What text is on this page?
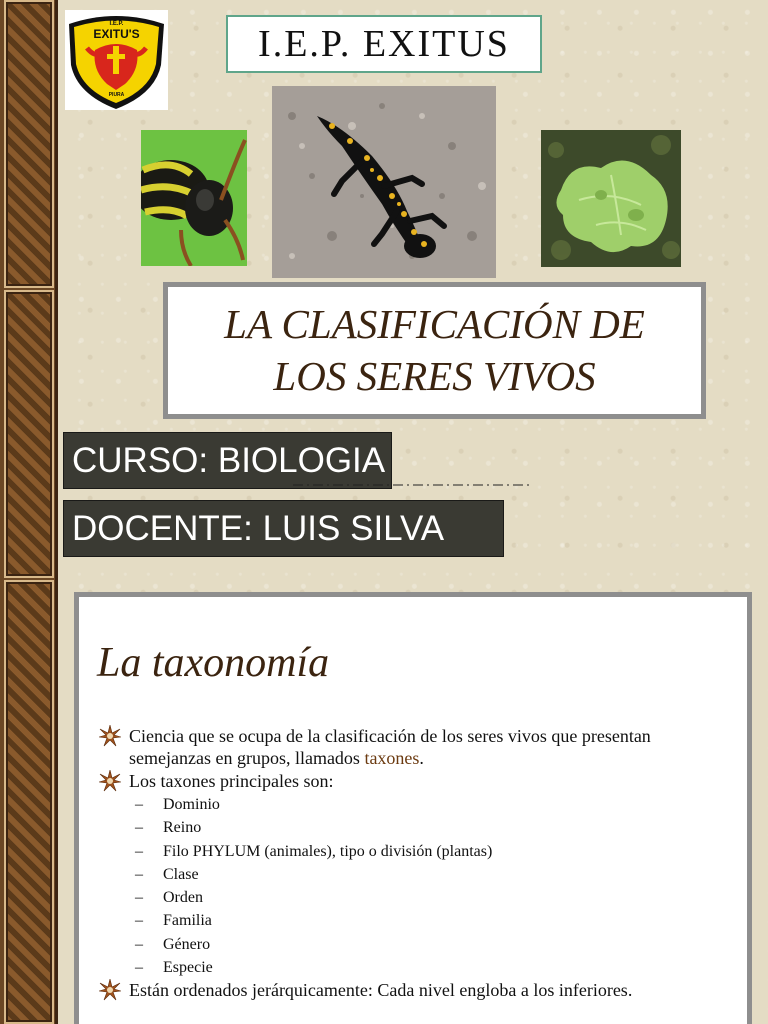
I.E.P.
EXITU'S
PIURA
I.E.P. EXITUS
LA CLASIFICACIÓN DE
LOS SERES VIVOS
CURSO: BIOLOGIA
DOCENTE: LUIS SILVA
La taxonomía
Ciencia que se ocupa de la clasificación de los seres vivos que presentan semejanzas en grupos, llamados taxones.
Los taxones principales son:
–	Dominio
–	Reino
–	Filo PHYLUM (animales), tipo o división (plantas)
–	Clase
–	Orden
–	Familia
–	Género
–	Especie
Están ordenados jerárquicamente: Cada nivel engloba a los inferiores.
